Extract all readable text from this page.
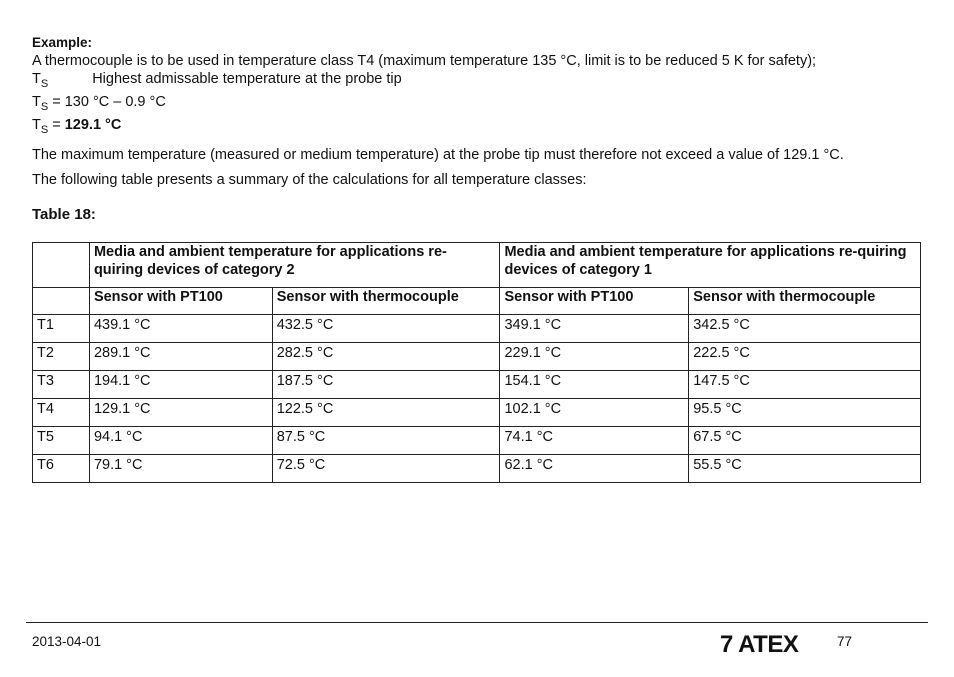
Example:

A thermocouple is to be used in temperature class T4 (maximum temperature 135 °C, limit is to be reduced 5 K for safety);

$T_S$	Highest admissable temperature at the probe tip

$T_S = 130$ °C – 0.9 °C

$T_S = 129.1$ °C

The maximum temperature (measured or medium temperature) at the probe tip must therefore not exceed a value of 129.1 °C.

The following table presents a summary of the calculations for all temperature classes:

Table 18:

	Media and ambient temperature for applications re-quiring devices of category 2		Media and ambient temperature for applications re-quiring devices of category 1	
	Sensor with PT100	Sensor with thermocouple	Sensor with PT100	Sensor with thermocouple
T1	439.1 °C	432.5 °C	349.1 °C	342.5 °C
T2	289.1 °C	282.5 °C	229.1 °C	222.5 °C
T3	194.1 °C	187.5 °C	154.1 °C	147.5 °C
T4	129.1 °C	122.5 °C	102.1 °C	95.5 °C
T5	94.1 °C	87.5 °C	74.1 °C	67.5 °C
T6	79.1 °C	72.5 °C	62.1 °C	55.5 °C
2013-04-01	7 ATEX	77
